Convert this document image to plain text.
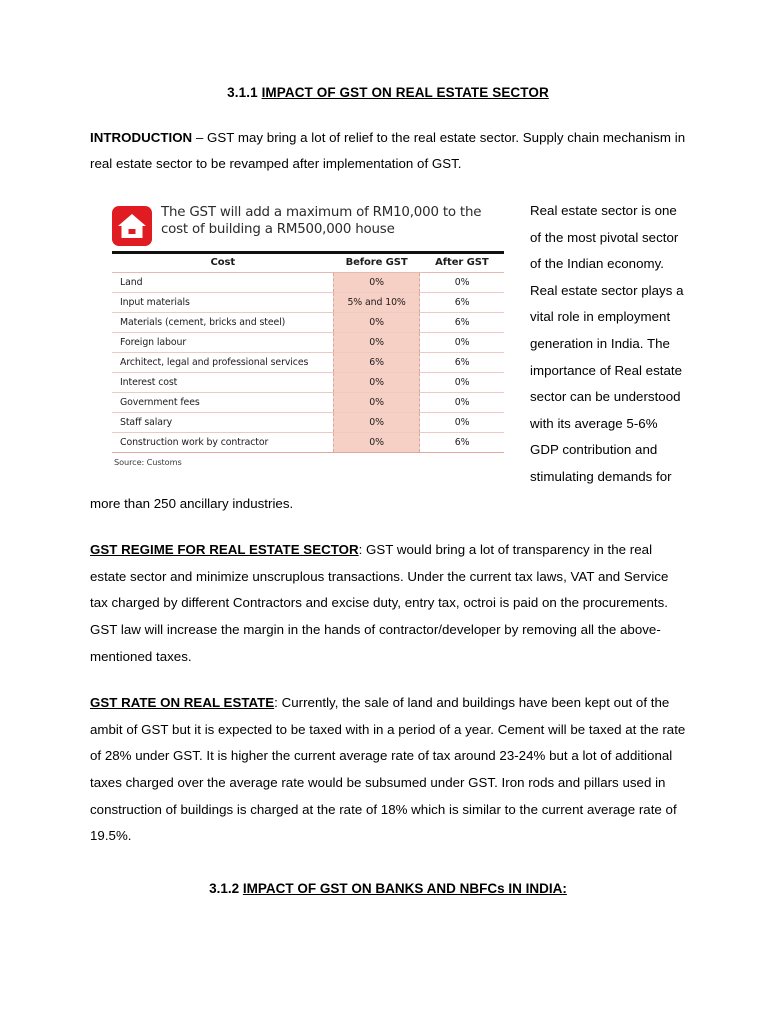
3.1.1 IMPACT OF GST ON REAL ESTATE SECTOR

INTRODUCTION – GST may bring a lot of relief to the real estate sector. Supply chain mechanism in real estate sector to be revamped after implementation of GST.

The GST will add a maximum of RM10,000 to the cost of building a RM500,000 house
Cost	Before GST	After GST
Land	0%	0%
Input materials	5% and 10%	6%
Materials (cement, bricks and steel)	0%	6%
Foreign labour	0%	0%
Architect, legal and professional services	6%	6%
Interest cost	0%	0%
Government fees	0%	0%
Staff salary	0%	0%
Construction work by contractor	0%	6%
Source: Customs

Real estate sector is one of the most pivotal sector of the Indian economy. Real estate sector plays a vital role in employment generation in India. The importance of Real estate sector can be understood with its average 5-6% GDP contribution and stimulating demands for more than 250 ancillary industries.

GST REGIME FOR REAL ESTATE SECTOR: GST would bring a lot of transparency in the real estate sector and minimize unscruplous transactions. Under the current tax laws, VAT and Service tax charged by different Contractors and excise duty, entry tax, octroi is paid on the procurements. GST law will increase the margin in the hands of contractor/developer by removing all the above- mentioned taxes.

GST RATE ON REAL ESTATE: Currently, the sale of land and buildings have been kept out of the ambit of GST but it is expected to be taxed with in a period of a year. Cement will be taxed at the rate of 28% under GST. It is higher the current average rate of tax around 23-24% but a lot of additional taxes charged over the average rate would be subsumed under GST. Iron rods and pillars used in construction of buildings is charged at the rate of 18% which is similar to the current average rate of 19.5%.

3.1.2 IMPACT OF GST ON BANKS AND NBFCs IN INDIA:
